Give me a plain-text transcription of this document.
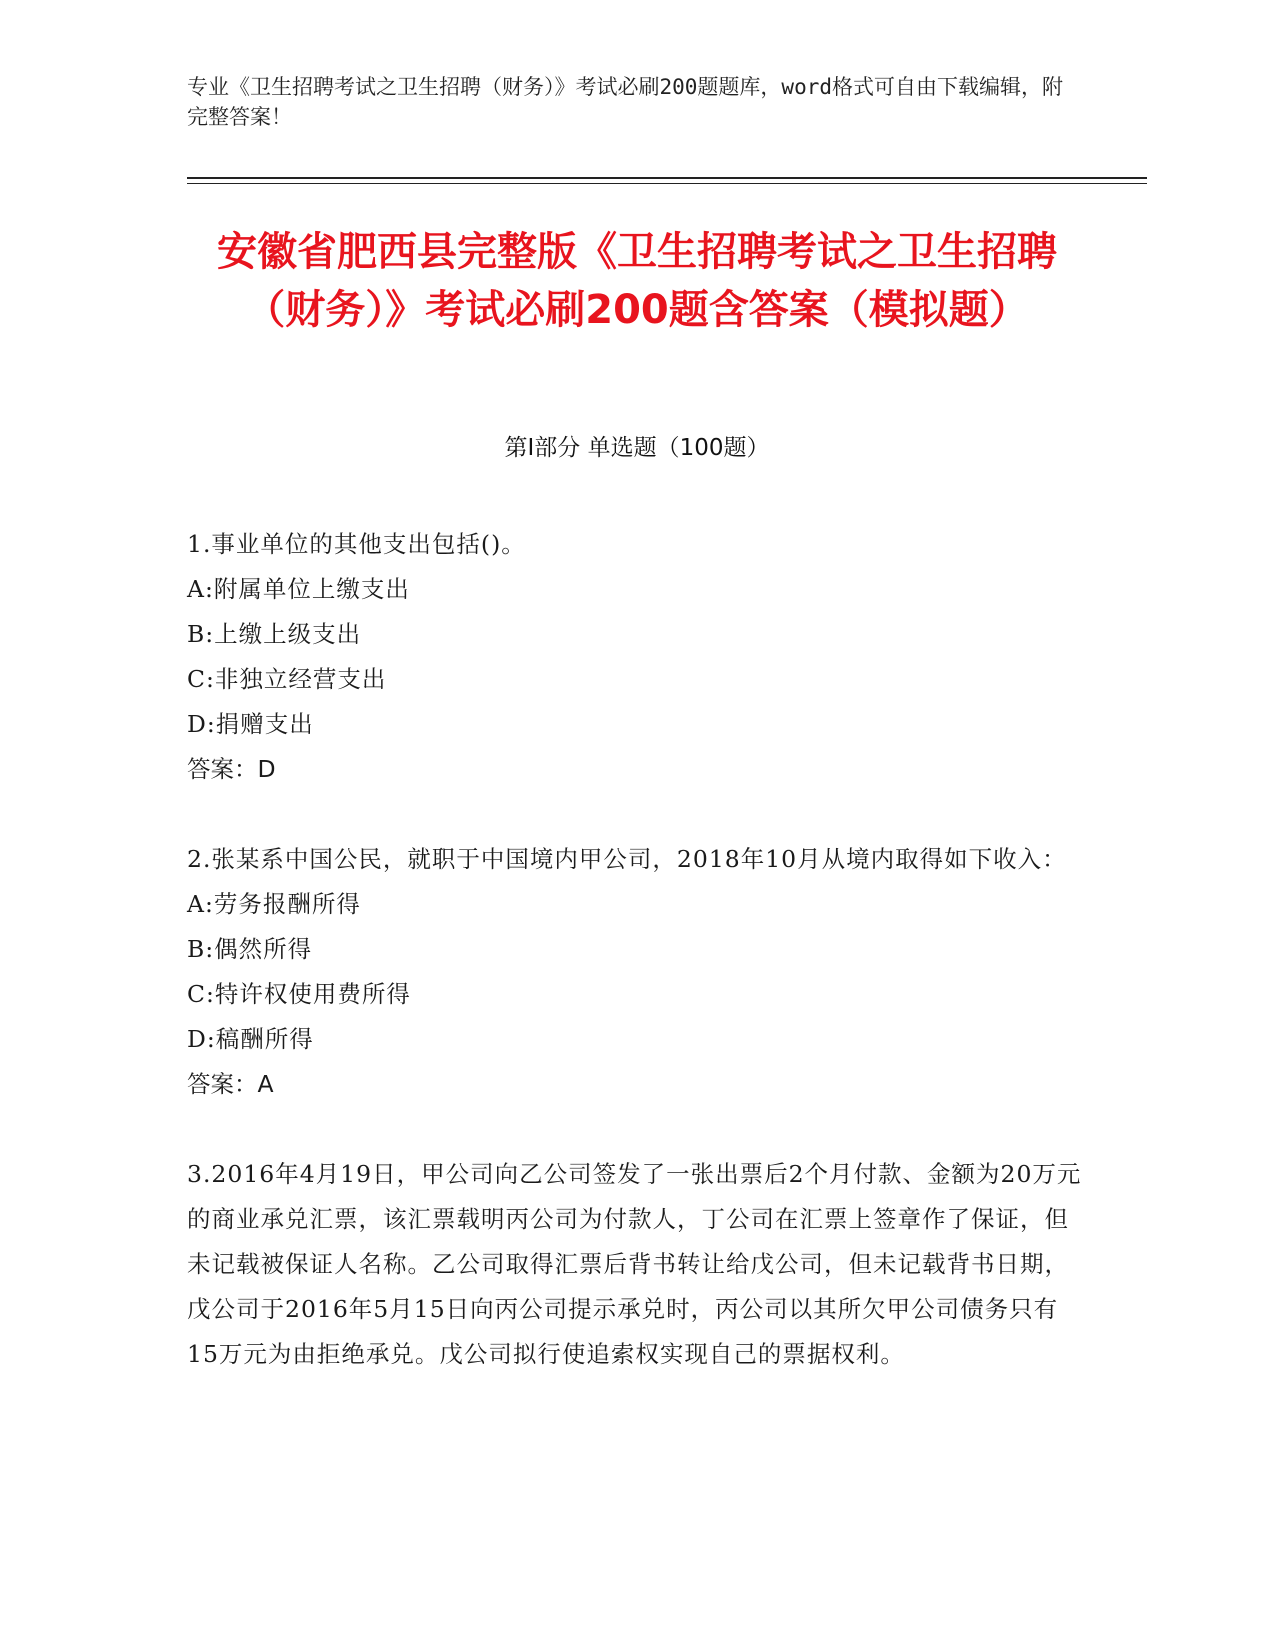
专业《卫生招聘考试之卫生招聘（财务）》考试必刷200题题库，word格式可自由下载编辑，附完整答案！
安徽省肥西县完整版《卫生招聘考试之卫生招聘（财务）》考试必刷200题含答案（模拟题）
第I部分 单选题（100题）
1.事业单位的其他支出包括()。
A:附属单位上缴支出
B:上缴上级支出
C:非独立经营支出
D:捐赠支出
答案：D
2.张某系中国公民，就职于中国境内甲公司，2018年10月从境内取得如下收入：
A:劳务报酬所得
B:偶然所得
C:特许权使用费所得
D:稿酬所得
答案：A
3.2016年4月19日，甲公司向乙公司签发了一张出票后2个月付款、金额为20万元的商业承兑汇票，该汇票载明丙公司为付款人，丁公司在汇票上签章作了保证，但未记载被保证人名称。乙公司取得汇票后背书转让给戊公司，但未记载背书日期，戊公司于2016年5月15日向丙公司提示承兑时，丙公司以其所欠甲公司债务只有15万元为由拒绝承兑。戊公司拟行使追索权实现自己的票据权利。
